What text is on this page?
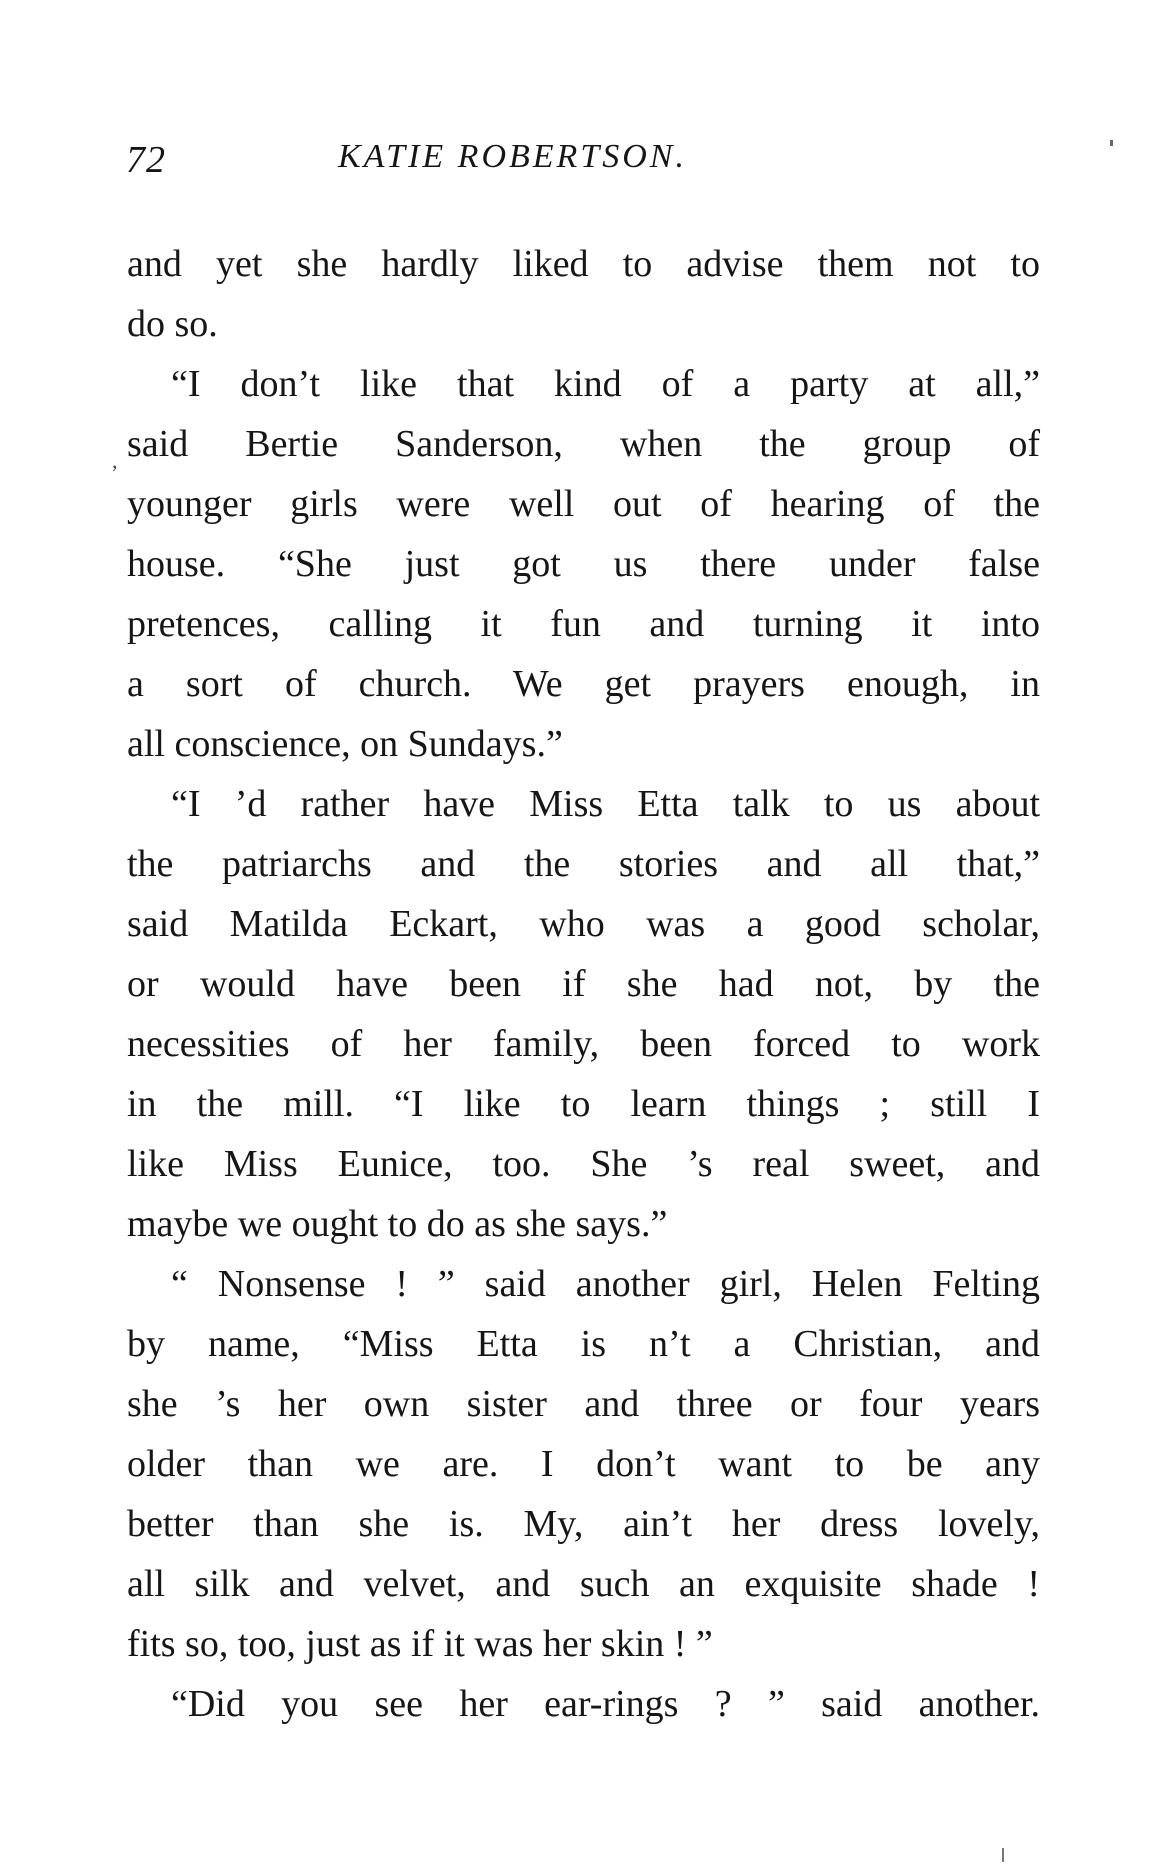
72	KATIE ROBERTSON.
,
and yet she hardly liked to advise them not to
do so.
“I don’t like that kind of a party at all,”
said Bertie Sanderson, when the group of
younger girls were well out of hearing of the
house. “She just got us there under false
pretences, calling it fun and turning it into
a sort of church. We get prayers enough, in
all conscience, on Sundays.”
“I ’d rather have Miss Etta talk to us about
the patriarchs and the stories and all that,”
said Matilda Eckart, who was a good scholar,
or would have been if she had not, by the
necessities of her family, been forced to work
in the mill. “I like to learn things ; still I
like Miss Eunice, too. She ’s real sweet, and
maybe we ought to do as she says.”
“ Nonsense ! ” said another girl, Helen Felting
by name, “Miss Etta is n’t a Christian, and
she ’s her own sister and three or four years
older than we are. I don’t want to be any
better than she is. My, ain’t her dress lovely,
all silk and velvet, and such an exquisite shade !
fits so, too, just as if it was her skin ! ”
“Did you see her ear-rings ? ” said another.
